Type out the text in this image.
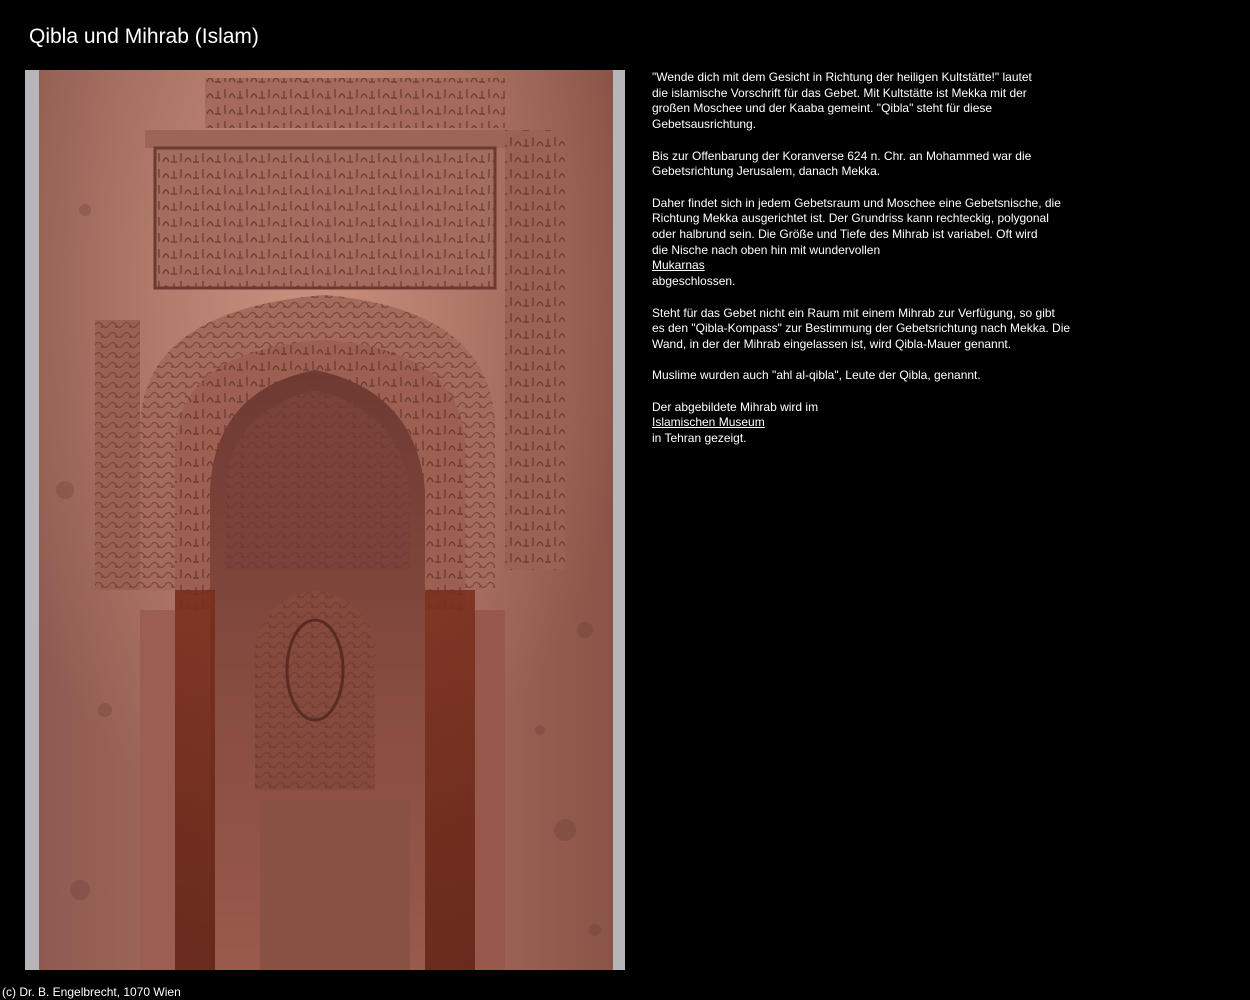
Qibla und Mihrab (Islam)

"Wende dich mit dem Gesicht in Richtung der heiligen Kultstätte!" lautet
die islamische Vorschrift für das Gebet. Mit Kultstätte ist Mekka mit der
großen Moschee und der Kaaba gemeint. "Qibla" steht für diese
Gebetsausrichtung.

Bis zur Offenbarung der Koranverse 624 n. Chr. an Mohammed war die
Gebetsrichtung Jerusalem, danach Mekka.

Daher findet sich in jedem Gebetsraum und Moschee eine Gebetsnische, die
Richtung Mekka ausgerichtet ist. Der Grundriss kann rechteckig, polygonal
oder halbrund sein. Die Größe und Tiefe des Mihrab ist variabel. Oft wird
die Nische nach oben hin mit wundervollen
Mukarnas
abgeschlossen.

Steht für das Gebet nicht ein Raum mit einem Mihrab zur Verfügung, so gibt
es den "Qibla-Kompass" zur Bestimmung der Gebetsrichtung nach Mekka. Die
Wand, in der der Mihrab eingelassen ist, wird Qibla-Mauer genannt.

Muslime wurden auch "ahl al-qibla", Leute der Qibla, genannt.

Der abgebildete Mihrab wird im
Islamischen Museum
in Tehran gezeigt.

(c) Dr. B. Engelbrecht, 1070 Wien
